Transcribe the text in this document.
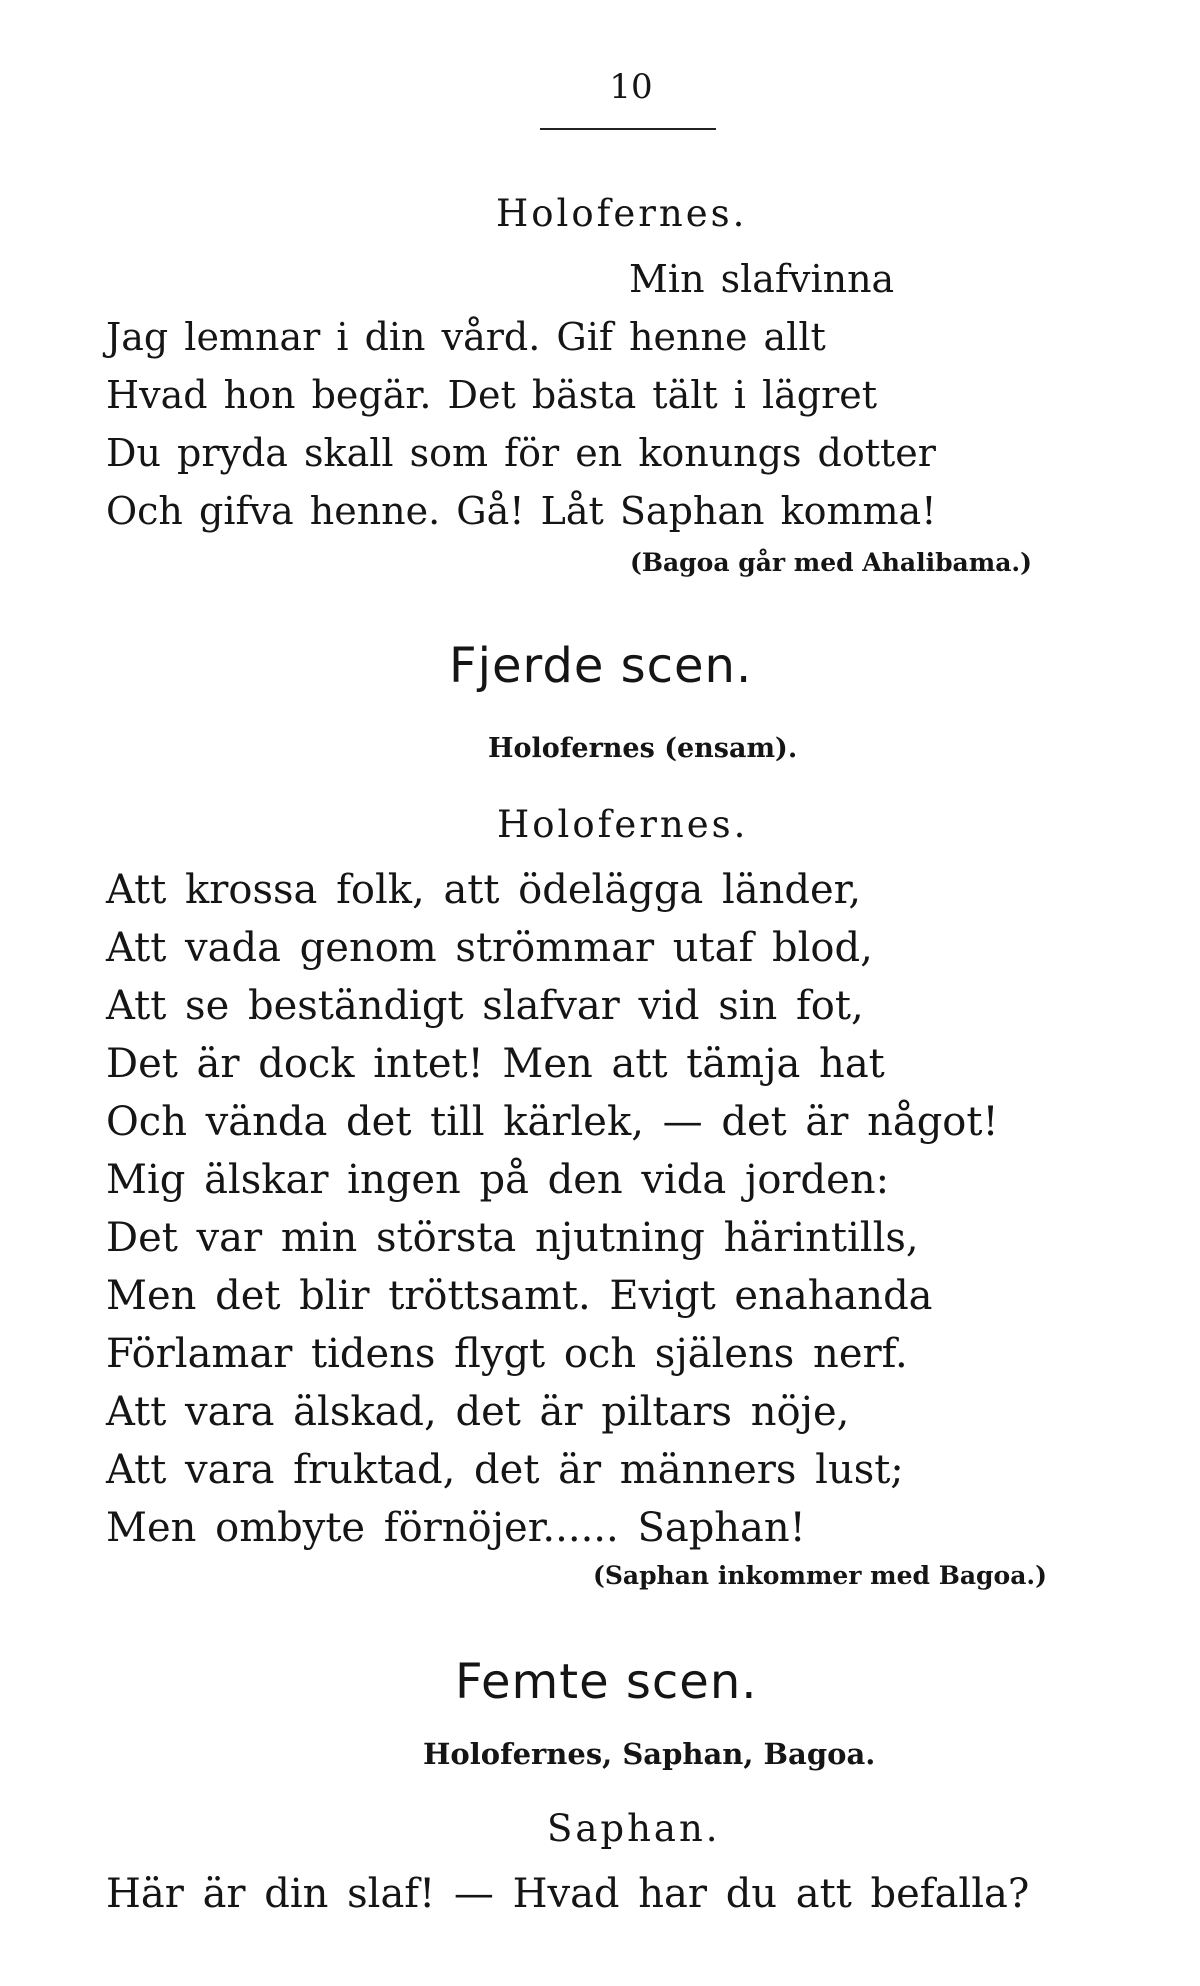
10
Holofernes.
Min slafvinna
Jag lemnar i din vård. Gif henne allt
Hvad hon begär. Det bästa tält i lägret
Du pryda skall som för en konungs dotter
Och gifva henne. Gå! Låt Saphan komma!
(Bagoa går med Ahalibama.)
Fjerde scen.
Holofernes (ensam).
Holofernes.
Att krossa folk, att ödelägga länder,
Att vada genom strömmar utaf blod,
Att se beständigt slafvar vid sin fot,
Det är dock intet! Men att tämja hat
Och vända det till kärlek, — det är något!
Mig älskar ingen på den vida jorden:
Det var min största njutning härintills,
Men det blir tröttsamt. Evigt enahanda
Förlamar tidens flygt och själens nerf.
Att vara älskad, det är piltars nöje,
Att vara fruktad, det är männers lust;
Men ombyte förnöjer...... Saphan!
(Saphan inkommer med Bagoa.)
Femte scen.
Holofernes, Saphan, Bagoa.
Saphan.
Här är din slaf! — Hvad har du att befalla?
